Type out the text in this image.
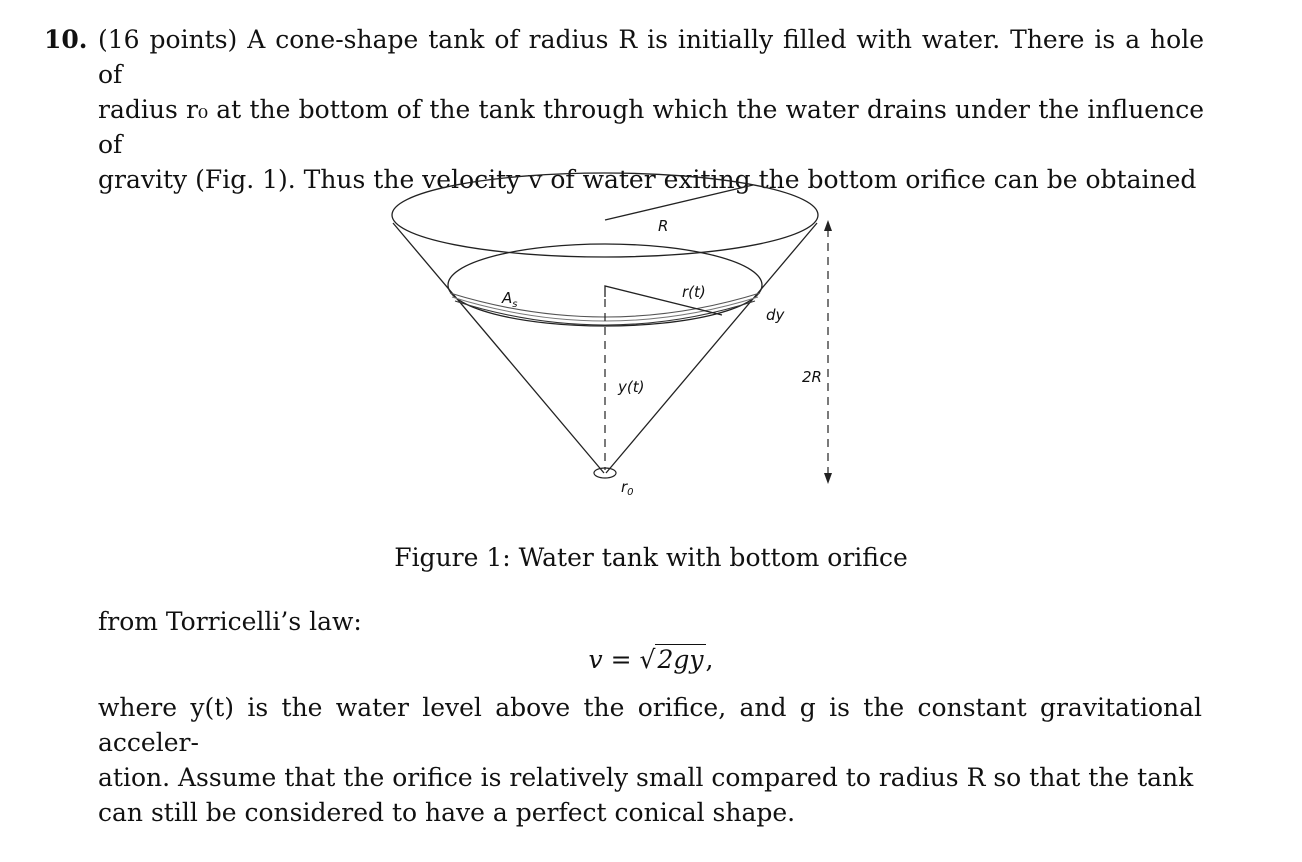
10. (16 points) A cone-shape tank of radius R is initially filled with water. There is a hole of
radius r₀ at the bottom of the tank through which the water drains under the influence of
gravity (Fig. 1). Thus the velocity v of water exiting the bottom orifice can be obtained
R
r(t)
$A_s$
dy
y(t)
2R
$r_0$
Figure 1: Water tank with bottom orifice
from Torricelli’s law:
v = √2gy,
where y(t) is the water level above the orifice, and g is the constant gravitational acceler-
ation. Assume that the orifice is relatively small compared to radius R so that the tank
can still be considered to have a perfect conical shape.
